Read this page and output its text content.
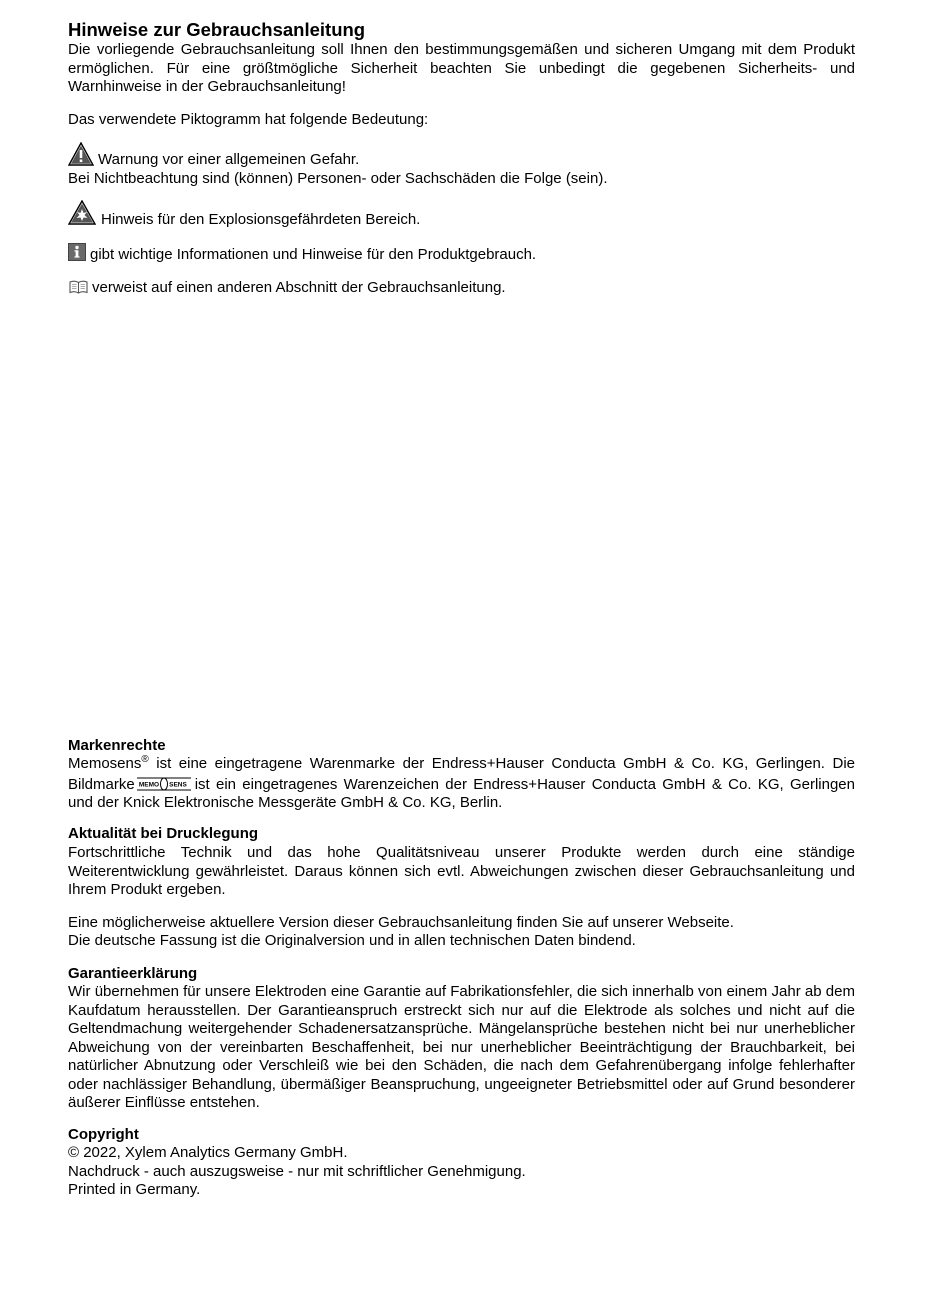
Hinweise zur Gebrauchsanleitung
Die vorliegende Gebrauchsanleitung soll Ihnen den bestimmungsgemäßen und sicheren Umgang mit dem Produkt ermöglichen. Für eine größtmögliche Sicherheit beachten Sie unbedingt die gegebenen Sicherheits- und Warnhinweise in der Gebrauchsanleitung!
Das verwendete Piktogramm hat folgende Bedeutung:
Warnung vor einer allgemeinen Gefahr.
Bei Nichtbeachtung sind (können) Personen- oder Sachschäden die Folge (sein).
Hinweis für den Explosionsgefährdeten Bereich.
gibt wichtige Informationen und Hinweise für den Produktgebrauch.
verweist auf einen anderen Abschnitt der Gebrauchsanleitung.
Markenrechte
Memosens® ist eine eingetragene Warenmarke der Endress+Hauser Conducta GmbH & Co. KG, Gerlingen. Die Bildmarke MEMO SENS ist ein eingetragenes Warenzeichen der Endress+Hauser Conducta GmbH & Co. KG, Gerlingen und der Knick Elektronische Messgeräte GmbH & Co. KG, Berlin.
Aktualität bei Drucklegung
Fortschrittliche Technik und das hohe Qualitätsniveau unserer Produkte werden durch eine ständige Weiterentwicklung gewährleistet. Daraus können sich evtl. Abweichungen zwischen dieser Gebrauchsanleitung und Ihrem Produkt ergeben.
Eine möglicherweise aktuellere Version dieser Gebrauchsanleitung finden Sie auf unserer Webseite.
Die deutsche Fassung ist die Originalversion und in allen technischen Daten bindend.
Garantieerklärung
Wir übernehmen für unsere Elektroden eine Garantie auf Fabrikationsfehler, die sich innerhalb von einem Jahr ab dem Kaufdatum herausstellen. Der Garantieanspruch erstreckt sich nur auf die Elektrode als solches und nicht auf die Geltendmachung weitergehender Schadenersatzansprüche. Mängelansprüche bestehen nicht bei nur unerheblicher Abweichung von der vereinbarten Beschaffenheit, bei nur unerheblicher Beeinträchtigung der Brauchbarkeit, bei natürlicher Abnutzung oder Verschleiß wie bei den Schäden, die nach dem Gefahrenübergang infolge fehlerhafter oder nachlässiger Behandlung, übermäßiger Beanspruchung, ungeeigneter Betriebsmittel oder auf Grund besonderer äußerer Einflüsse entstehen.
Copyright
© 2022, Xylem Analytics Germany GmbH.
Nachdruck - auch auszugsweise - nur mit schriftlicher Genehmigung.
Printed in Germany.
